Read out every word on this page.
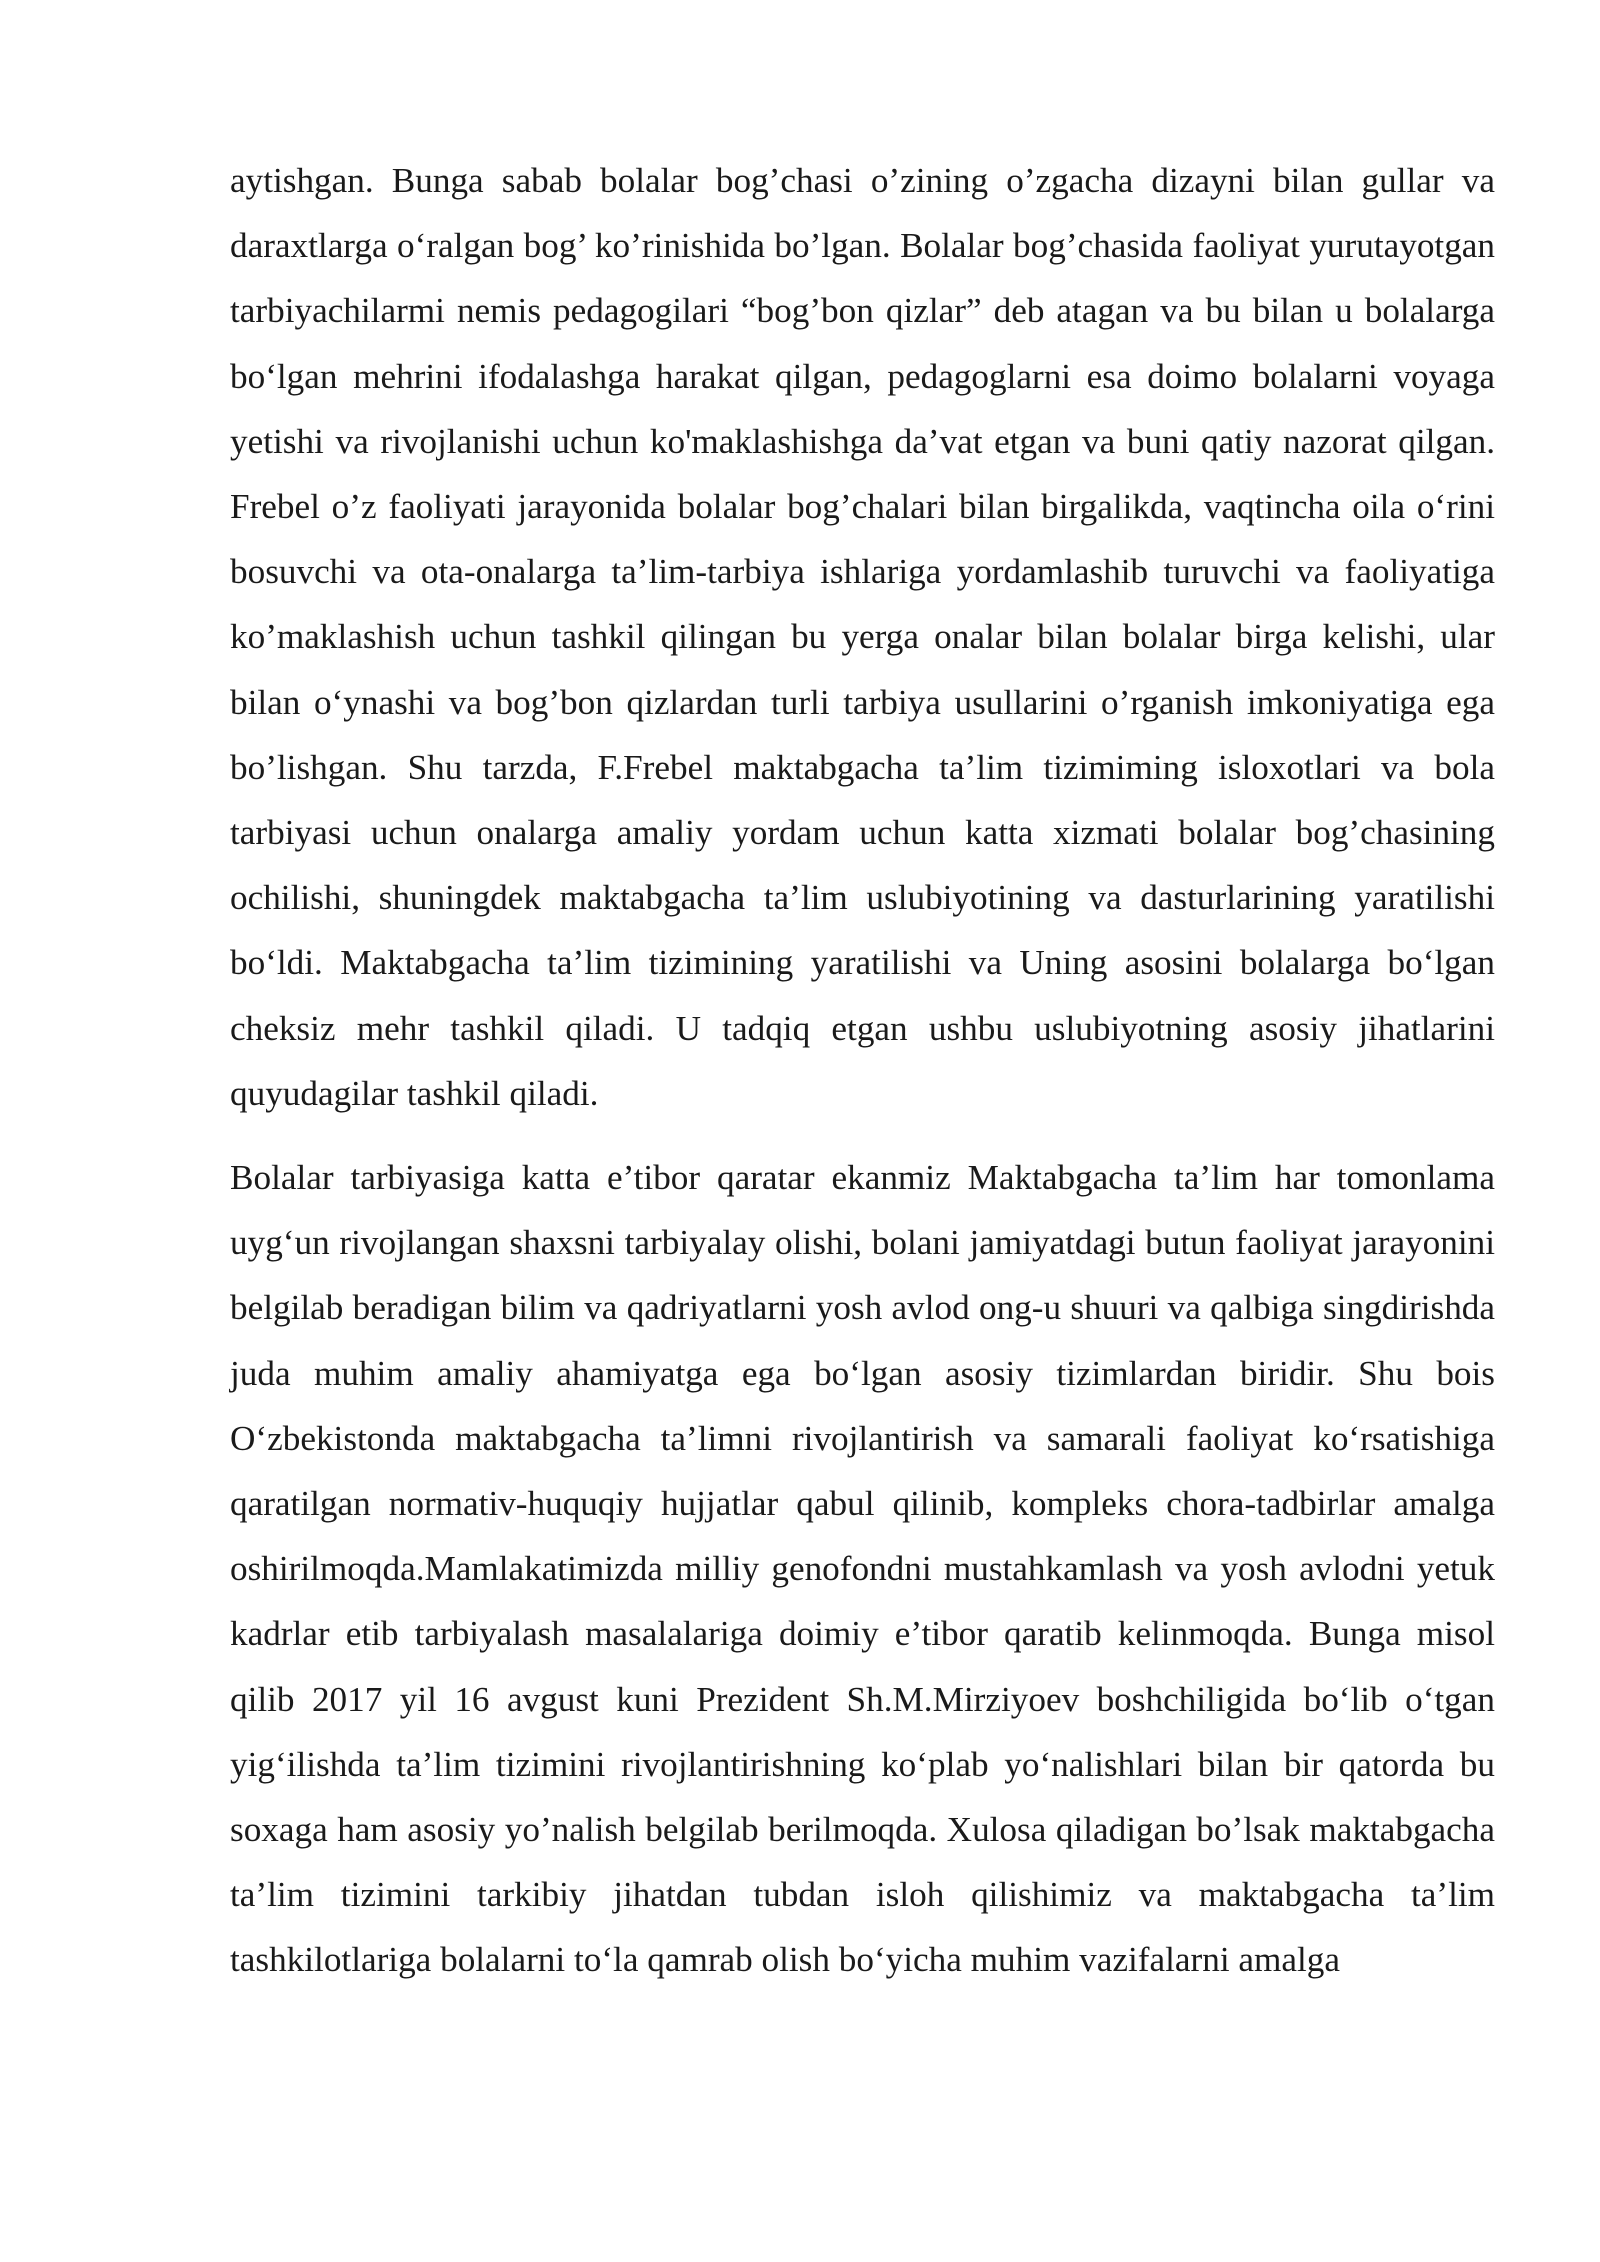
aytishgan. Bunga sabab bolalar bog’chasi o’zining o’zgacha dizayni bilan gullar va daraxtlarga o‘ralgan bog’ ko’rinishida bo’lgan. Bolalar bog’chasida faoliyat yurutayotgan tarbiyachilarmi nemis pedagogilari “bog’bon qizlar” deb atagan va bu bilan u bolalarga bo‘lgan mehrini ifodalashga harakat qilgan, pedagoglarni esa doimo bolalarni voyaga yetishi va rivojlanishi uchun ko'maklashishga da’vat etgan va buni qatiy nazorat qilgan. Frebel o’z faoliyati jarayonida bolalar bog’chalari bilan birgalikda, vaqtincha oila o‘rini bosuvchi va ota-onalarga ta’lim-tarbiya ishlariga yordamlashib turuvchi va faoliyatiga ko’maklashish uchun tashkil qilingan bu yerga onalar bilan bolalar birga kelishi, ular bilan o‘ynashi va bog’bon qizlardan turli tarbiya usullarini o’rganish imkoniyatiga ega bo’lishgan. Shu tarzda, F.Frebel maktabgacha ta’lim tizimiming isloxotlari va bola tarbiyasi uchun onalarga amaliy yordam uchun katta xizmati bolalar bog’chasining ochilishi, shuningdek maktabgacha ta’lim uslubiyotining va dasturlarining yaratilishi bo‘ldi. Maktabgacha ta’lim tizimining yaratilishi va Uning asosini bolalarga bo‘lgan cheksiz mehr tashkil qiladi. U tadqiq etgan ushbu uslubiyotning asosiy jihatlarini quyudagilar tashkil qiladi.

Bolalar tarbiyasiga katta e’tibor qaratar ekanmiz Maktabgacha ta’lim har tomonlama uyg‘un rivojlangan shaxsni tarbiyalay olishi, bolani jamiyatdagi butun faoliyat jarayonini belgilab beradigan bilim va qadriyatlarni yosh avlod ong-u shuuri va qalbiga singdirishda juda muhim amaliy ahamiyatga ega bo‘lgan asosiy tizimlardan biridir. Shu bois O‘zbekistonda maktabgacha ta’limni rivojlantirish va samarali faoliyat ko‘rsatishiga qaratilgan normativ-huquqiy hujjatlar qabul qilinib, kompleks chora-tadbirlar amalga oshirilmoqda.Mamlakatimizda milliy genofondni mustahkamlash va yosh avlodni yetuk kadrlar etib tarbiyalash masalalariga doimiy e’tibor qaratib kelinmoqda. Bunga misol qilib 2017 yil 16 avgust kuni Prezident Sh.M.Mirziyoev boshchiligida bo‘lib o‘tgan yig‘ilishda ta’lim tizimini rivojlantirishning ko‘plab yo‘nalishlari bilan bir qatorda bu soxaga ham asosiy yo’nalish belgilab berilmoqda. Xulosa qiladigan bo’lsak maktabgacha ta’lim tizimini tarkibiy jihatdan tubdan isloh qilishimiz va maktabgacha ta’lim tashkilotlariga bolalarni to‘la qamrab olish bo‘yicha muhim vazifalarni amalga
